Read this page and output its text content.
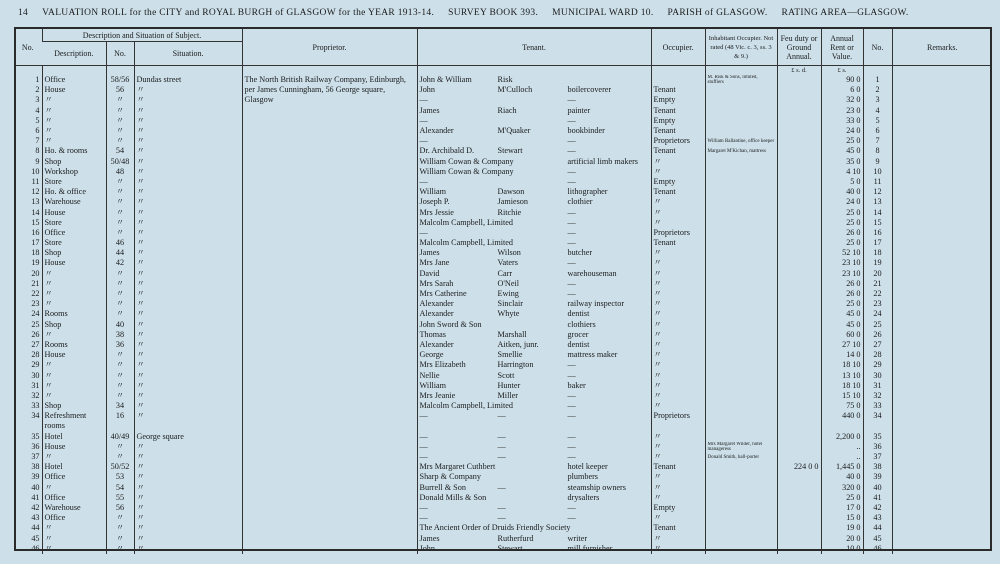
14 VALUATION ROLL for the CITY and ROYAL BURGH of GLASGOW for the YEAR 1913-14. SURVEY BOOK 393. MUNICIPAL WARD 10. PARISH of GLASGOW. RATING AREA—GLASGOW.
No.	Description and Situation of Subject.			Proprietor.	Tenant.	Occupier.	Inhabitant Occupier. Not rated (48 Vic. c. 3, ss. 3 & 9.)	Feu duty or Ground Annual.	Annual Rent or Value.	No.	Remarks.
	Description.	No.	Situation.								
								£ s. d.	£ s.		
1	Office	58/56	Dundas street	The North British Railway Company, Edinburgh, per James Cunningham, 56 George square, Glasgow	John & William Risk		M. Risk & Sons, limited, stuffiers		90 0	1	
2	House	56	〃		John M'Culloch boilercoverer	Tenant			6 0	2	
3	〃	〃	〃		— —	Empty			32 0	3	
4	〃	〃	〃		James Riach painter	Tenant			23 0	4	
5	〃	〃	〃		— —	Empty			33 0	5	
6	〃	〃	〃		Alexander M'Quaker bookbinder	Tenant			24 0	6	
7	〃	〃	〃		— —	Proprietors	William Ballantine, office keeper		25 0	7	
8	Ho. & rooms	54	〃		Dr. Archibald D. Stewart —	Tenant	Margaret M'Kichan, mattress		45 0	8	
9	Shop	50/48	〃		William Cowan & Company artificial limb makers	〃			35 0	9	
10	Workshop	48	〃		William Cowan & Company —	〃			4 10	10	
11	Store	〃	〃		— —	Empty			5 0	11	
12	Ho. & office	〃	〃		William Dawson lithographer	Tenant			40 0	12	
13	Warehouse	〃	〃		Joseph P. Jamieson clothier	〃			24 0	13	
14	House	〃	〃		Mrs Jessie Ritchie —	〃			25 0	14	
15	Store	〃	〃		Malcolm Campbell, Limited —	〃			25 0	15	
16	Office	〃	〃		— —	Proprietors			26 0	16	
17	Store	46	〃		Malcolm Campbell, Limited —	Tenant			25 0	17	
18	Shop	44	〃		James Wilson butcher	〃			52 10	18	
19	House	42	〃		Mrs Jane Vaters —	〃			23 10	19	
20	〃	〃	〃		David Carr warehouseman	〃			23 10	20	
21	〃	〃	〃		Mrs Sarah O'Neil —	〃			26 0	21	
22	〃	〃	〃		Mrs Catherine Ewing —	〃			26 0	22	
23	〃	〃	〃		Alexander Sinclair railway inspector	〃			25 0	23	
24	Rooms	〃	〃		Alexander Whyte dentist	〃			45 0	24	
25	Shop	40	〃		John Sword & Son clothiers	〃			45 0	25	
26	〃	38	〃		Thomas Marshall grocer	〃			60 0	26	
27	Rooms	36	〃		Alexander Aitken, junr. dentist	〃			27 10	27	
28	House	〃	〃		George Smellie mattress maker	〃			14 0	28	
29	〃	〃	〃		Mrs Elizabeth Harrington —	〃			18 10	29	
30	〃	〃	〃		Nellie Scott —	〃			13 10	30	
31	〃	〃	〃		William Hunter baker	〃			18 10	31	
32	〃	〃	〃		Mrs Jeanie Miller —	〃			15 10	32	
33	Shop	34	〃		Malcolm Campbell, Limited —	〃			75 0	33	
34	Refreshment	16	〃		— — —	Proprietors			440 0	34	
	rooms										
35	Hotel	40/49	George square		— — —	〃			2,200 0	35	
36	House	〃	〃		— — —	〃	Mrs Margaret Wilder, hotel manageress		..	36	
37	〃	〃	〃		— — —	〃	Donald Smith, hall-porter		..	37	
38	Hotel	50/52	〃		Mrs Margaret Cuthbert hotel keeper	Tenant		224 0 0	1,445 0	38	
39	Office	53	〃		Sharp & Company plumbers	〃			40 0	39	
40	〃	54	〃		Burrell & Son — steamship owners	〃			320 0	40	
41	Office	55	〃		Donald Mills & Son drysalters	〃			25 0	41	
42	Warehouse	56	〃		— — —	Empty			17 0	42	
43	Office	〃	〃		— — —	〃			15 0	43	
44	〃	〃	〃		The Ancient Order of Druids Friendly Society	Tenant			19 0	44	
45	〃	〃	〃		James Rutherfurd writer	〃			20 0	45	
46	〃	〃	〃		John Stewart mill furnisher	〃			10 0	46	
